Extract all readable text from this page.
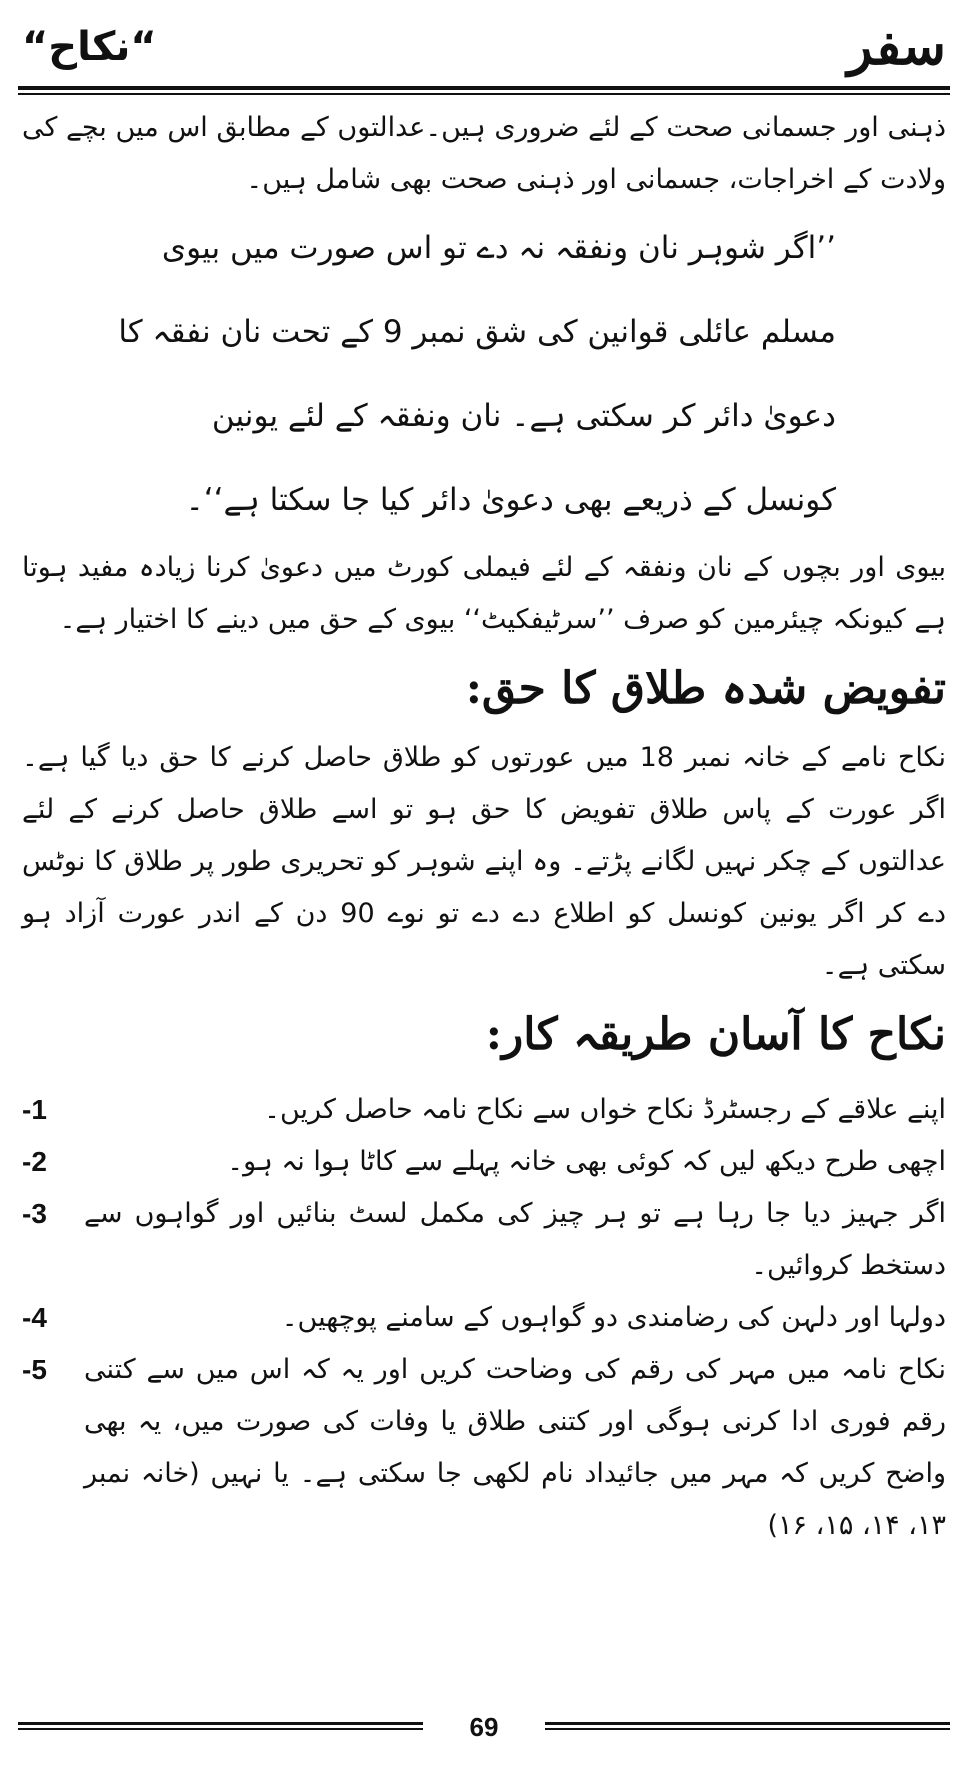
سفر
“نکاح“

ذہنی اور جسمانی صحت کے لئے ضروری ہیں۔عدالتوں کے مطابق اس میں بچے کی ولادت کے اخراجات، جسمانی اور ذہنی صحت بھی شامل ہیں۔

’’اگر شوہر نان ونفقہ نہ دے تو اس صورت میں بیوی مسلم عائلی قوانین کی شق نمبر 9 کے تحت نان نفقہ کا دعویٰ دائر کر سکتی ہے۔ نان ونفقہ کے لئے یونین کونسل کے ذریعے بھی دعویٰ دائر کیا جا سکتا ہے‘‘۔

بیوی اور بچوں کے نان ونفقہ کے لئے فیملی کورٹ میں دعویٰ کرنا زیادہ مفید ہوتا ہے کیونکہ چیئرمین کو صرف ’’سرٹیفکیٹ‘‘ بیوی کے حق میں دینے کا اختیار ہے۔

تفویض شدہ طلاق کا حق:

نکاح نامے کے خانہ نمبر 18 میں عورتوں کو طلاق حاصل کرنے کا حق دیا گیا ہے۔ اگر عورت کے پاس طلاق تفویض کا حق ہو تو اسے طلاق حاصل کرنے کے لئے عدالتوں کے چکر نہیں لگانے پڑتے۔ وہ اپنے شوہر کو تحریری طور پر طلاق کا نوٹس دے کر اگر یونین کونسل کو اطلاع دے دے تو نوے 90 دن کے اندر عورت آزاد ہو سکتی ہے۔

نکاح کا آسان طریقہ کار:
اپنے علاقے کے رجسٹرڈ نکاح خواں سے نکاح نامہ حاصل کریں۔
-1
اچھی طرح دیکھ لیں کہ کوئی بھی خانہ پہلے سے کاٹا ہوا نہ ہو۔
-2
اگر جہیز دیا جا رہا ہے تو ہر چیز کی مکمل لسٹ بنائیں اور گواہوں سے دستخط کروائیں۔
-3
دولہا اور دلہن کی رضامندی دو گواہوں کے سامنے پوچھیں۔
-4
نکاح نامہ میں مہر کی رقم کی وضاحت کریں اور یہ کہ اس میں سے کتنی رقم فوری ادا کرنی ہوگی اور کتنی طلاق یا وفات کی صورت میں، یہ بھی واضح کریں کہ مہر میں جائیداد نام لکھی جا سکتی ہے۔ یا نہیں (خانہ نمبر ۱۳، ۱۴، ۱۵، ۱۶)
-5
69
